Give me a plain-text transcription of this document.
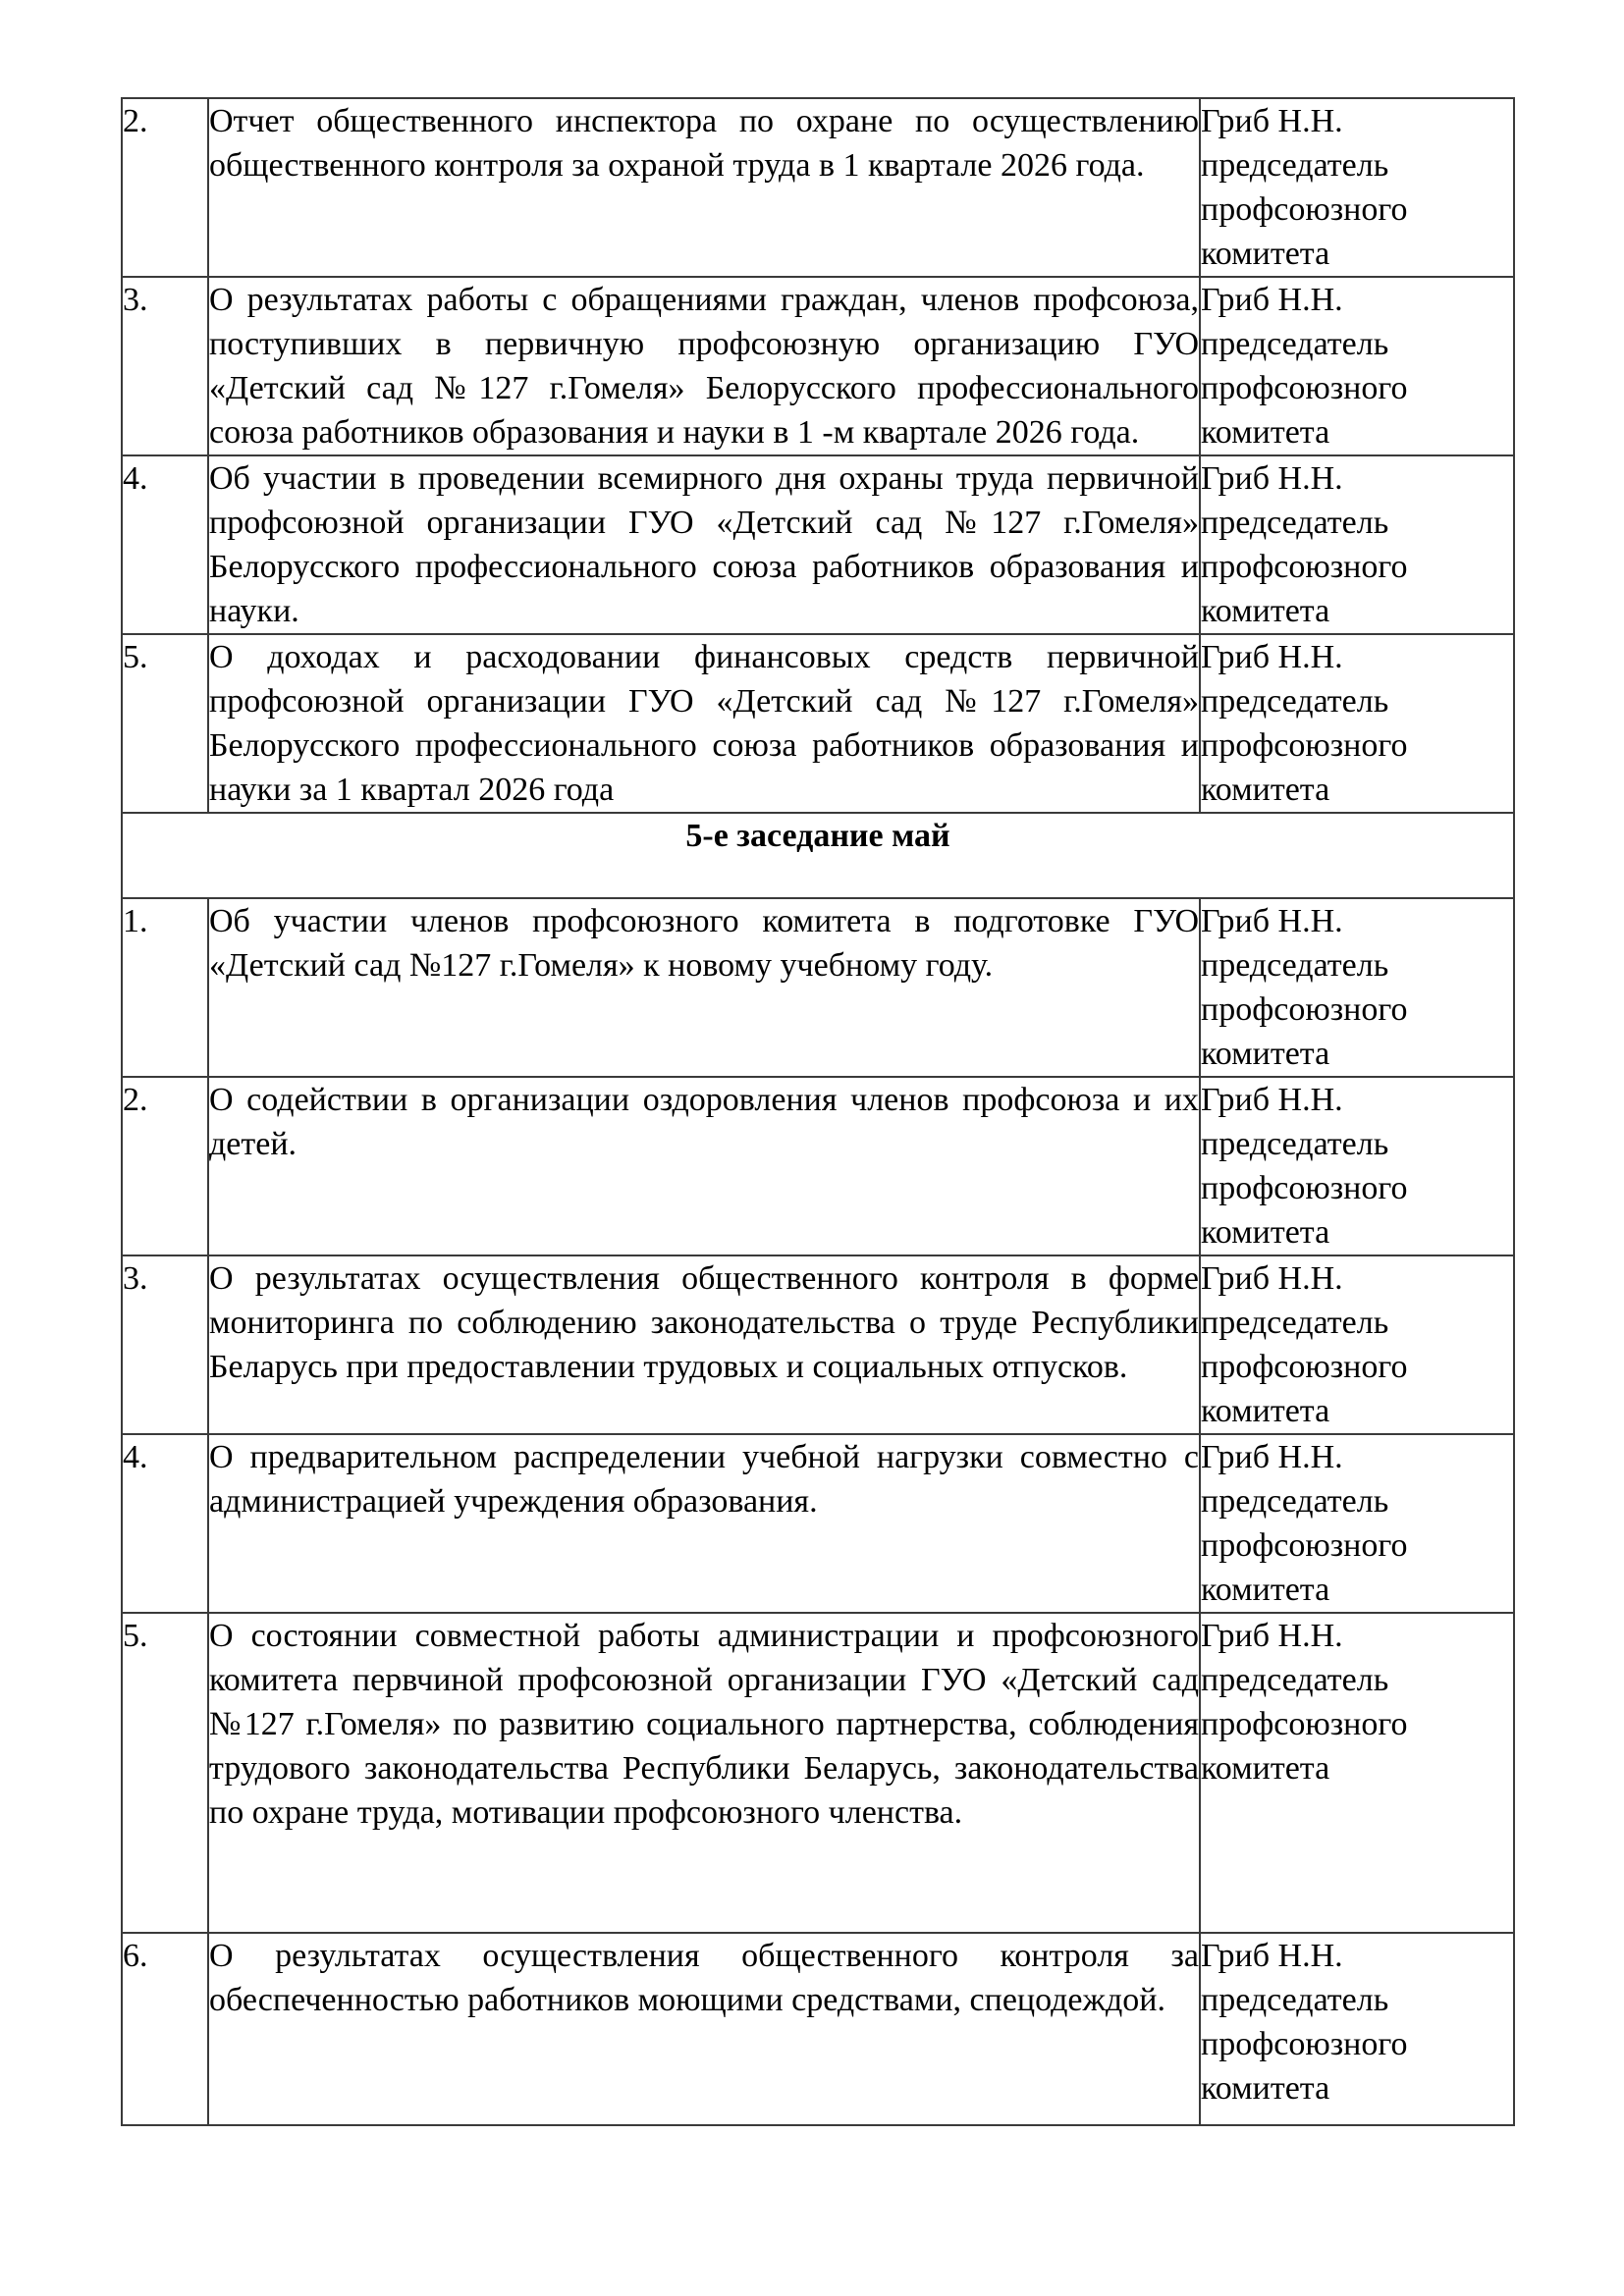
2.	Отчет общественного инспектора по охране по осуществлению общественного контроля за охраной труда в 1 квартале 2026 года.	Гриб Н.Н.
председатель
профсоюзного
комитета

3.	О результатах работы с обращениями граждан, членов профсоюза, поступивших в первичную профсоюзную организацию ГУО «Детский сад №127 г.Гомеля» Белорусского профессионального союза работников образования и науки в 1 -м квартале 2026 года.	
Гриб Н.Н.
председатель
профсоюзного
комитета

4.	Об участии в проведении всемирного дня охраны труда первичной профсоюзной организации ГУО «Детский сад №127 г.Гомеля» Белорусского профессионального союза работников образования и науки.	Гриб Н.Н.
председатель
профсоюзного
комитета

5.	О доходах и расходовании финансовых средств первичной профсоюзной организации ГУО «Детский сад №127 г.Гомеля» Белорусского профессионального союза работников образования и науки за 1 квартал 2026 года	Гриб Н.Н.
председатель
профсоюзного
комитета

5-е заседание май		
1.	Об участии членов профсоюзного комитета в подготовке ГУО «Детский сад №127 г.Гомеля» к новому учебному году.	Гриб Н.Н.
председатель
профсоюзного
комитета

2.	О содействии в организации оздоровления членов профсоюза и их детей.	Гриб Н.Н.
председатель
профсоюзного
комитета

3.	О результатах осуществления общественного контроля в форме мониторинга по соблюдению законодательства о труде Республики Беларусь при предоставлении трудовых и социальных отпусков.	Гриб Н.Н.
председатель
профсоюзного
комитета

4.	О предварительном распределении учебной нагрузки совместно с администрацией учреждения образования.	Гриб Н.Н.
председатель
профсоюзного
комитета

5.	О состоянии совместной работы администрации и профсоюзного комитета первчиной профсоюзной организации ГУО «Детский сад №127 г.Гомеля» по развитию социального партнерства, соблюдения трудового законодательства Республики Беларусь, законодательства по охране труда, мотивации профсоюзного членства.	
Гриб Н.Н.
председатель
профсоюзного
комитета

6.	О результатах осуществления общественного контроля за обеспеченностью работников моющими средствами, спецодеждой.	Гриб Н.Н.
председатель
профсоюзного
комитета
